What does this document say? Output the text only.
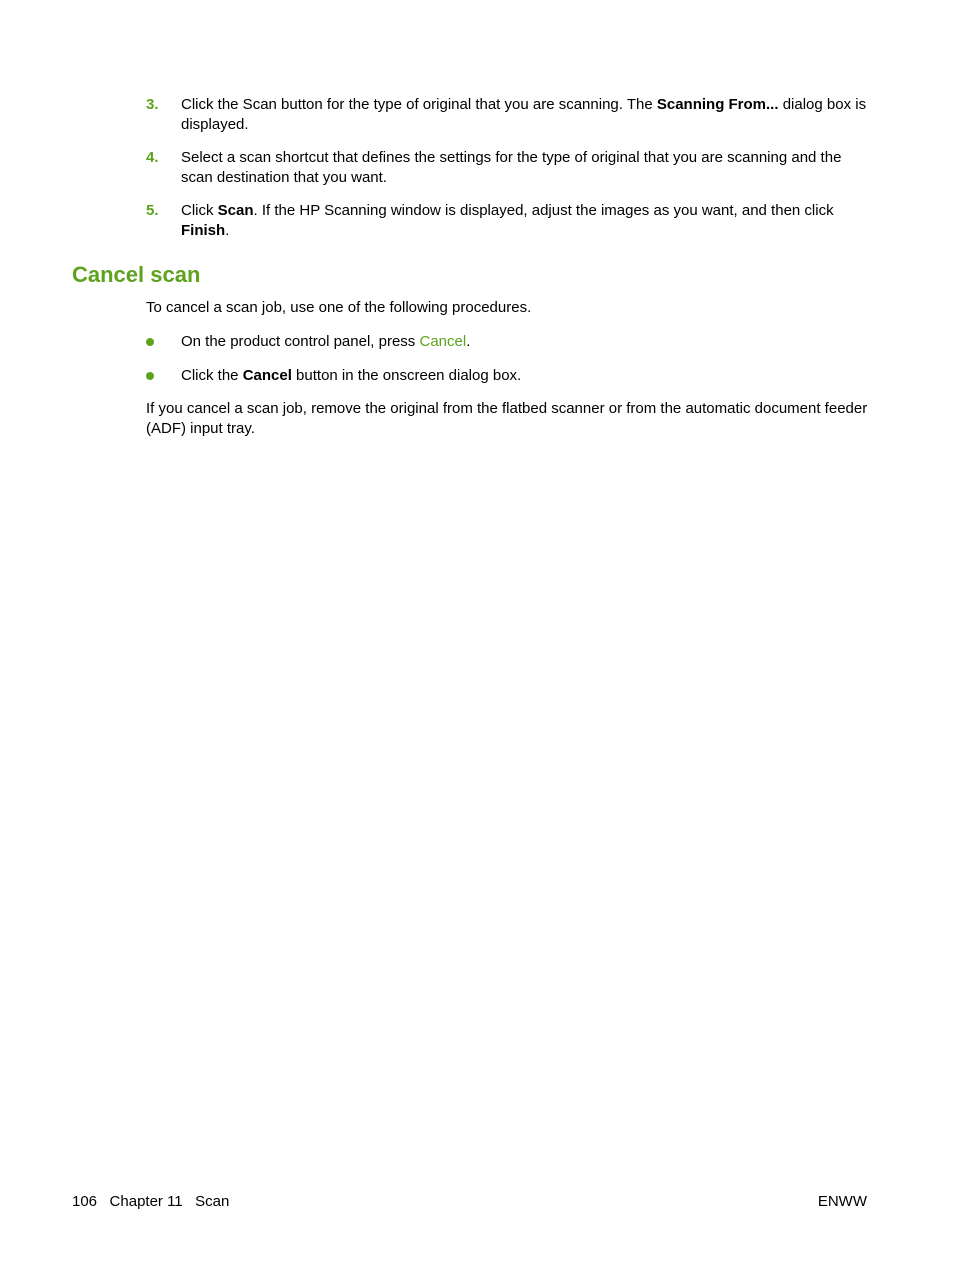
3. Click the Scan button for the type of original that you are scanning. The Scanning From... dialog box is displayed.
4. Select a scan shortcut that defines the settings for the type of original that you are scanning and the scan destination that you want.
5. Click Scan. If the HP Scanning window is displayed, adjust the images as you want, and then click Finish.
Cancel scan
To cancel a scan job, use one of the following procedures.
On the product control panel, press Cancel.
Click the Cancel button in the onscreen dialog box.
If you cancel a scan job, remove the original from the flatbed scanner or from the automatic document feeder (ADF) input tray.
106 Chapter 11 Scan	ENWW
